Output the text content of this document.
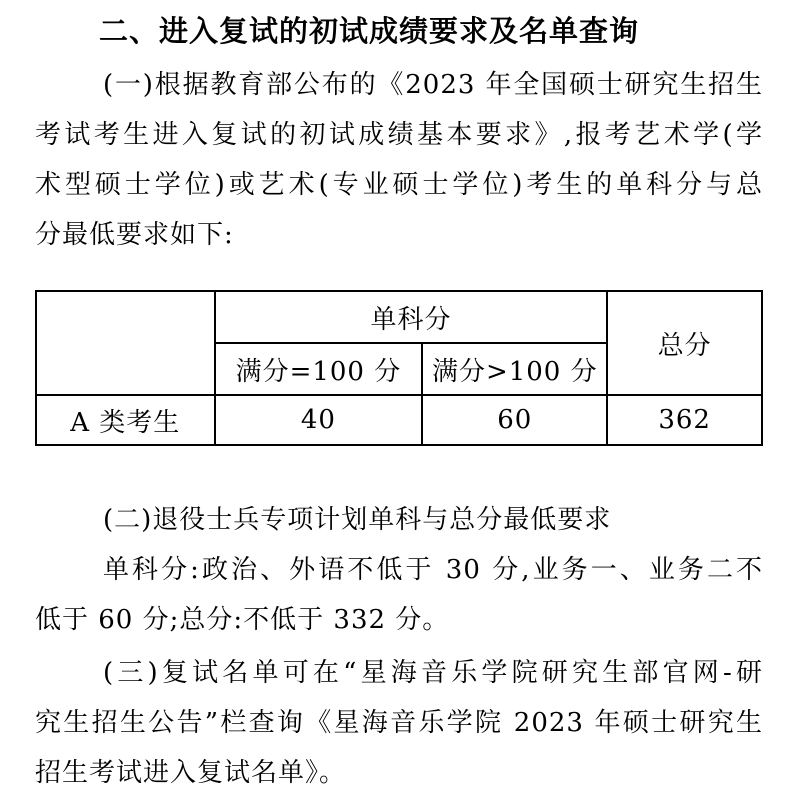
二、进入复试的初试成绩要求及名单查询
(一)根据教育部公布的《2023 年全国硕士研究生招生
考试考生进入复试的初试成绩基本要求》,报考艺术学(学
术型硕士学位)或艺术(专业硕士学位)考生的单科分与总
分最低要求如下:
	单科分		总分
	满分=100 分	满分>100 分	
A 类考生	40	60	362
(二)退役士兵专项计划单科与总分最低要求
单科分:政治、外语不低于 30 分,业务一、业务二不
低于 60 分;总分:不低于 332 分。
(三)复试名单可在“星海音乐学院研究生部官网-研
究生招生公告”栏查询《星海音乐学院 2023 年硕士研究生
招生考试进入复试名单》。
